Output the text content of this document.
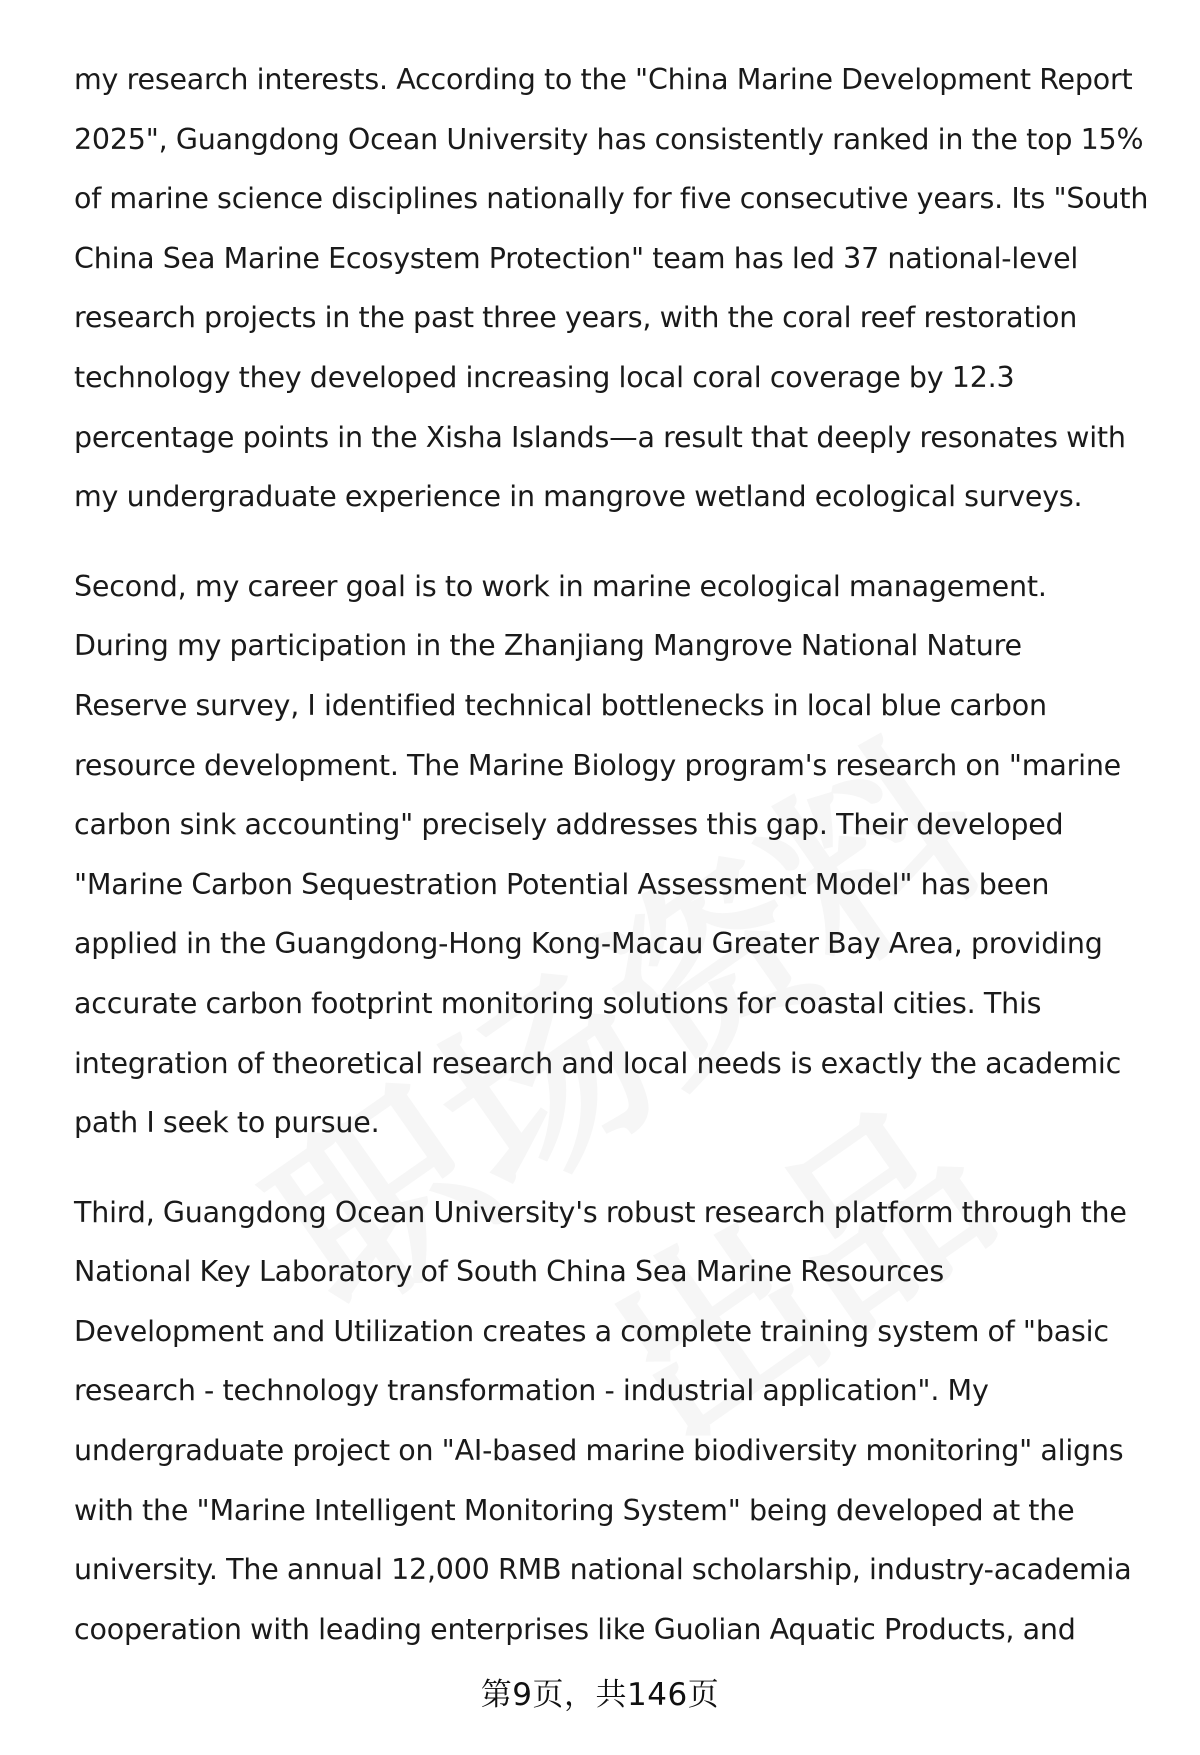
my research interests. According to the "China Marine Development Report
2025", Guangdong Ocean University has consistently ranked in the top 15%
of marine science disciplines nationally for five consecutive years. Its "South
China Sea Marine Ecosystem Protection" team has led 37 national-level
research projects in the past three years, with the coral reef restoration
technology they developed increasing local coral coverage by 12.3
percentage points in the Xisha Islands—a result that deeply resonates with
my undergraduate experience in mangrove wetland ecological surveys.

Second, my career goal is to work in marine ecological management.
During my participation in the Zhanjiang Mangrove National Nature
Reserve survey, I identified technical bottlenecks in local blue carbon
resource development. The Marine Biology program's research on "marine
carbon sink accounting" precisely addresses this gap. Their developed
"Marine Carbon Sequestration Potential Assessment Model" has been
applied in the Guangdong-Hong Kong-Macau Greater Bay Area, providing
accurate carbon footprint monitoring solutions for coastal cities. This
integration of theoretical research and local needs is exactly the academic
path I seek to pursue.

Third, Guangdong Ocean University's robust research platform through the
National Key Laboratory of South China Sea Marine Resources
Development and Utilization creates a complete training system of "basic
research - technology transformation - industrial application". My
undergraduate project on "AI-based marine biodiversity monitoring" aligns
with the "Marine Intelligent Monitoring System" being developed at the
university. The annual 12,000 RMB national scholarship, industry-academia
cooperation with leading enterprises like Guolian Aquatic Products, and

第9页，共146页
